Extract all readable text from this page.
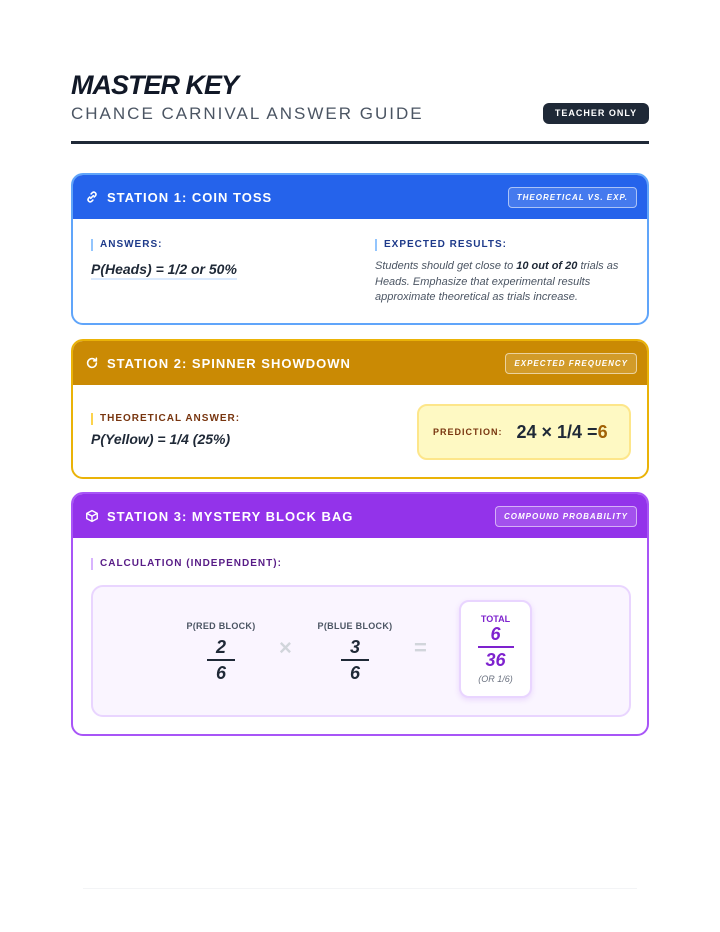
MASTER KEY
CHANCE CARNIVAL ANSWER GUIDE	TEACHER ONLY
STATION 1: COIN TOSS	THEORETICAL VS. EXP.
ANSWERS:
P(Heads) = 1/2 or 50%
EXPECTED RESULTS:
Students should get close to 10 out of 20 trials as Heads. Emphasize that experimental results approximate theoretical as trials increase.
STATION 2: SPINNER SHOWDOWN	EXPECTED FREQUENCY
THEORETICAL ANSWER:
P(Yellow) = 1/4 (25%)	PREDICTION: 24 × 1/4 = 6
STATION 3: MYSTERY BLOCK BAG	COMPOUND PROBABILITY
CALCULATION (INDEPENDENT):
P(RED BLOCK)
$\frac{2}{6}$ ×
P(BLUE BLOCK)
$\frac{3}{6}$ =
TOTAL
6
36
(OR 1/6)
